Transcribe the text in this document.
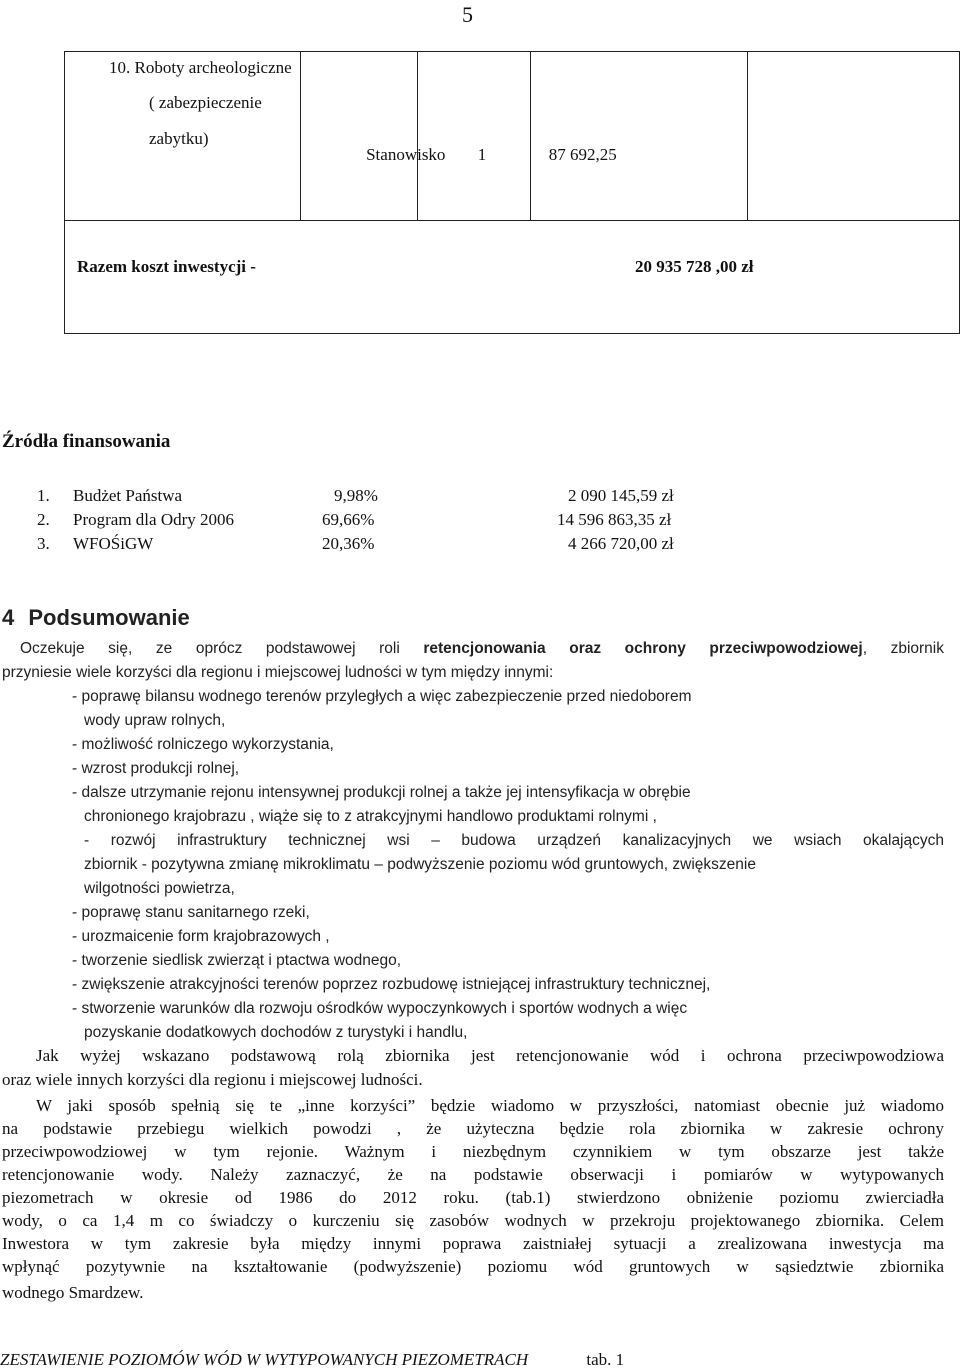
5
10. Roboty archeologiczne
( zabezpieczenie
zabytku)

Stanowisko	1	87 692,25

Razem koszt inwestycji -	20 935 728 ,00 zł
Źródła finansowania
1. Budżet Państwa	9,98%	2 090 145,59 zł
2. Program dla Odry 2006	69,66%	14 596 863,35 zł
3. WFOŚiGW	20,36%	4 266 720,00 zł
4 Podsumowanie
Oczekuje się, ze oprócz podstawowej roli retencjonowania oraz ochrony przeciwpowodziowej, zbiornik
przyniesie wiele korzyści dla regionu i miejscowej ludności w tym między innymi:
- poprawę bilansu wodnego terenów przyległych a więc zabezpieczenie przed niedoborem
wody upraw rolnych,
- możliwość rolniczego wykorzystania,
- wzrost produkcji rolnej,
- dalsze utrzymanie rejonu intensywnej produkcji rolnej a także jej intensyfikacja w obrębie
chronionego krajobrazu , wiąże się to z atrakcyjnymi handlowo produktami rolnymi ,
- rozwój infrastruktury technicznej wsi – budowa urządzeń kanalizacyjnych we wsiach okalających
zbiornik - pozytywna zmianę mikroklimatu – podwyższenie poziomu wód gruntowych, zwiększenie
wilgotności powietrza,
- poprawę stanu sanitarnego rzeki,
- urozmaicenie form krajobrazowych ,
- tworzenie siedlisk zwierząt i ptactwa wodnego,
- zwiększenie atrakcyjności terenów poprzez rozbudowę istniejącej infrastruktury technicznej,
- stworzenie warunków dla rozwoju ośrodków wypoczynkowych i sportów wodnych a więc
pozyskanie dodatkowych dochodów z turystyki i handlu,
Jak wyżej wskazano podstawową rolą zbiornika jest retencjonowanie wód i ochrona przeciwpowodziowa
oraz wiele innych korzyści dla regionu i miejscowej ludności.
W jaki sposób spełnią się te „inne korzyści” będzie wiadomo w przyszłości, natomiast obecnie już wiadomo
na podstawie przebiegu wielkich powodzi , że użyteczna będzie rola zbiornika w zakresie ochrony
przeciwpowodziowej w tym rejonie. Ważnym i niezbędnym czynnikiem w tym obszarze jest także
retencjonowanie wody. Należy zaznaczyć, że na podstawie obserwacji i pomiarów w wytypowanych
piezometrach w okresie od 1986 do 2012 roku. (tab.1) stwierdzono obniżenie poziomu zwierciadła
wody, o ca 1,4 m co świadczy o kurczeniu się zasobów wodnych w przekroju projektowanego zbiornika. Celem
Inwestora w tym zakresie była między innymi poprawa zaistniałej sytuacji a zrealizowana inwestycja ma
wpłynąć pozytywnie na kształtowanie (podwyższenie) poziomu wód gruntowych w sąsiedztwie zbiornika
wodnego Smardzew.
ZESTAWIENIE POZIOMÓW WÓD W WYTYPOWANYCH PIEZOMETRACH	tab. 1
